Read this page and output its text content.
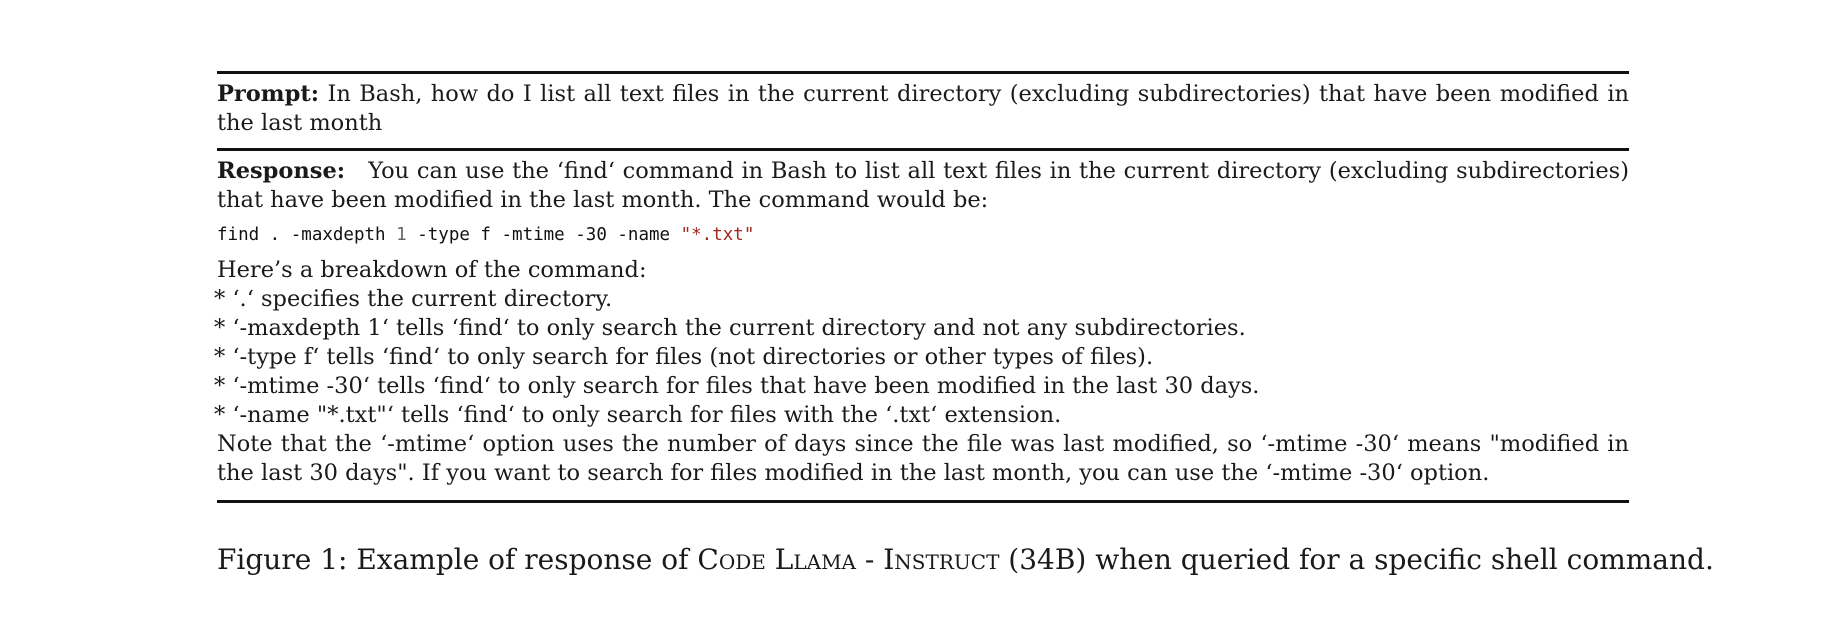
Prompt: In Bash, how do I list all text files in the current directory (excluding subdirectories) that have been modified in the last month
Response: You can use the ‘find‘ command in Bash to list all text files in the current directory (excluding subdirectories) that have been modified in the last month. The command would be:
find . -maxdepth 1 -type f -mtime -30 -name "*.txt"
Here’s a breakdown of the command:
* ‘.‘ specifies the current directory.
* ‘-maxdepth 1‘ tells ‘find‘ to only search the current directory and not any subdirectories.
* ‘-type f‘ tells ‘find‘ to only search for files (not directories or other types of files).
* ‘-mtime -30‘ tells ‘find‘ to only search for files that have been modified in the last 30 days.
* ‘-name "*.txt"‘ tells ‘find‘ to only search for files with the ‘.txt‘ extension.
Note that the ‘-mtime‘ option uses the number of days since the file was last modified, so ‘-mtime -30‘ means "modified in the last 30 days". If you want to search for files modified in the last month, you can use the ‘-mtime -30‘ option.
Figure 1: Example of response of Code Llama - Instruct (34B) when queried for a specific shell command.
